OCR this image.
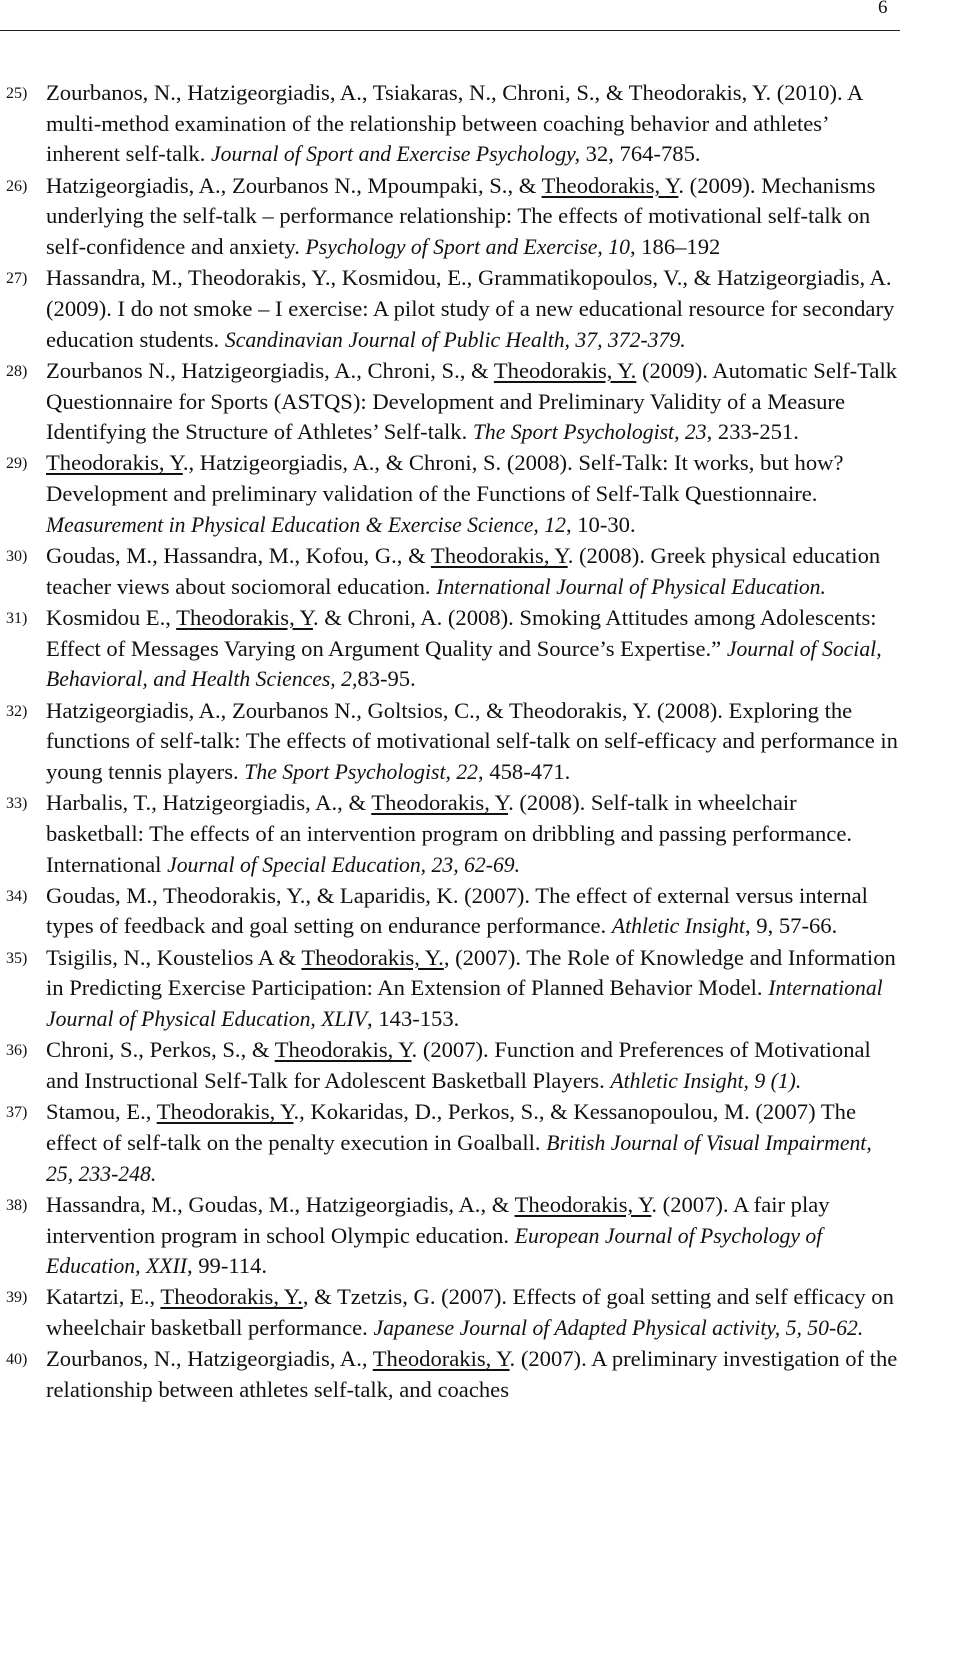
6
25) Zourbanos, N., Hatzigeorgiadis, A., Tsiakaras, N., Chroni, S., & Theodorakis, Y. (2010). A multi-method examination of the relationship between coaching behavior and athletes’ inherent self-talk. Journal of Sport and Exercise Psychology, 32, 764-785.
26) Hatzigeorgiadis, A., Zourbanos N., Mpoumpaki, S., & Theodorakis, Y. (2009). Mechanisms underlying the self-talk – performance relationship: The effects of motivational self-talk on self-confidence and anxiety. Psychology of Sport and Exercise, 10, 186–192
27) Hassandra, M., Theodorakis, Y., Kosmidou, E., Grammatikopoulos, V., & Hatzigeorgiadis, A. (2009). I do not smoke – I exercise: A pilot study of a new educational resource for secondary education students. Scandinavian Journal of Public Health, 37, 372-379.
28) Zourbanos N., Hatzigeorgiadis, A., Chroni, S., & Theodorakis, Y. (2009). Automatic Self-Talk Questionnaire for Sports (ASTQS): Development and Preliminary Validity of a Measure Identifying the Structure of Athletes’ Self-talk. The Sport Psychologist, 23, 233-251.
29) Theodorakis, Y., Hatzigeorgiadis, A., & Chroni, S. (2008). Self-Talk: It works, but how? Development and preliminary validation of the Functions of Self-Talk Questionnaire. Measurement in Physical Education & Exercise Science, 12, 10-30.
30) Goudas, M., Hassandra, M., Kofou, G., & Theodorakis, Y. (2008). Greek physical education teacher views about sociomoral education. International Journal of Physical Education.
31) Kosmidou E., Theodorakis, Y. & Chroni, A. (2008). Smoking Attitudes among Adolescents: Effect of Messages Varying on Argument Quality and Source’s Expertise.” Journal of Social, Behavioral, and Health Sciences, 2,83-95.
32) Hatzigeorgiadis, A., Zourbanos N., Goltsios, C., & Theodorakis, Y. (2008). Exploring the functions of self-talk: The effects of motivational self-talk on self-efficacy and performance in young tennis players. The Sport Psychologist, 22, 458-471.
33) Harbalis, T., Hatzigeorgiadis, A., & Theodorakis, Y. (2008). Self-talk in wheelchair basketball: The effects of an intervention program on dribbling and passing performance. International Journal of Special Education, 23, 62-69.
34) Goudas, M., Theodorakis, Y., & Laparidis, K. (2007). The effect of external versus internal types of feedback and goal setting on endurance performance. Athletic Insight, 9, 57-66.
35) Tsigilis, N., Koustelios A & Theodorakis, Y., (2007). The Role of Knowledge and Information in Predicting Exercise Participation: An Extension of Planned Behavior Model. International Journal of Physical Education, XLIV, 143-153.
36) Chroni, S., Perkos, S., & Theodorakis, Y. (2007). Function and Preferences of Motivational and Instructional Self-Talk for Adolescent Basketball Players. Athletic Insight, 9 (1).
37) Stamou, E., Theodorakis, Y., Kokaridas, D., Perkos, S., & Kessanopoulou, M. (2007) The effect of self-talk on the penalty execution in Goalball. British Journal of Visual Impairment, 25, 233-248.
38) Hassandra, M., Goudas, M., Hatzigeorgiadis, A., & Theodorakis, Y. (2007). A fair play intervention program in school Olympic education. European Journal of Psychology of Education, XXII, 99-114.
39) Katartzi, E., Theodorakis, Y., & Tzetzis, G. (2007). Effects of goal setting and self efficacy on wheelchair basketball performance. Japanese Journal of Adapted Physical activity, 5, 50-62.
40) Zourbanos, N., Hatzigeorgiadis, A., Theodorakis, Y. (2007). A preliminary investigation of the relationship between athletes self-talk, and coaches
